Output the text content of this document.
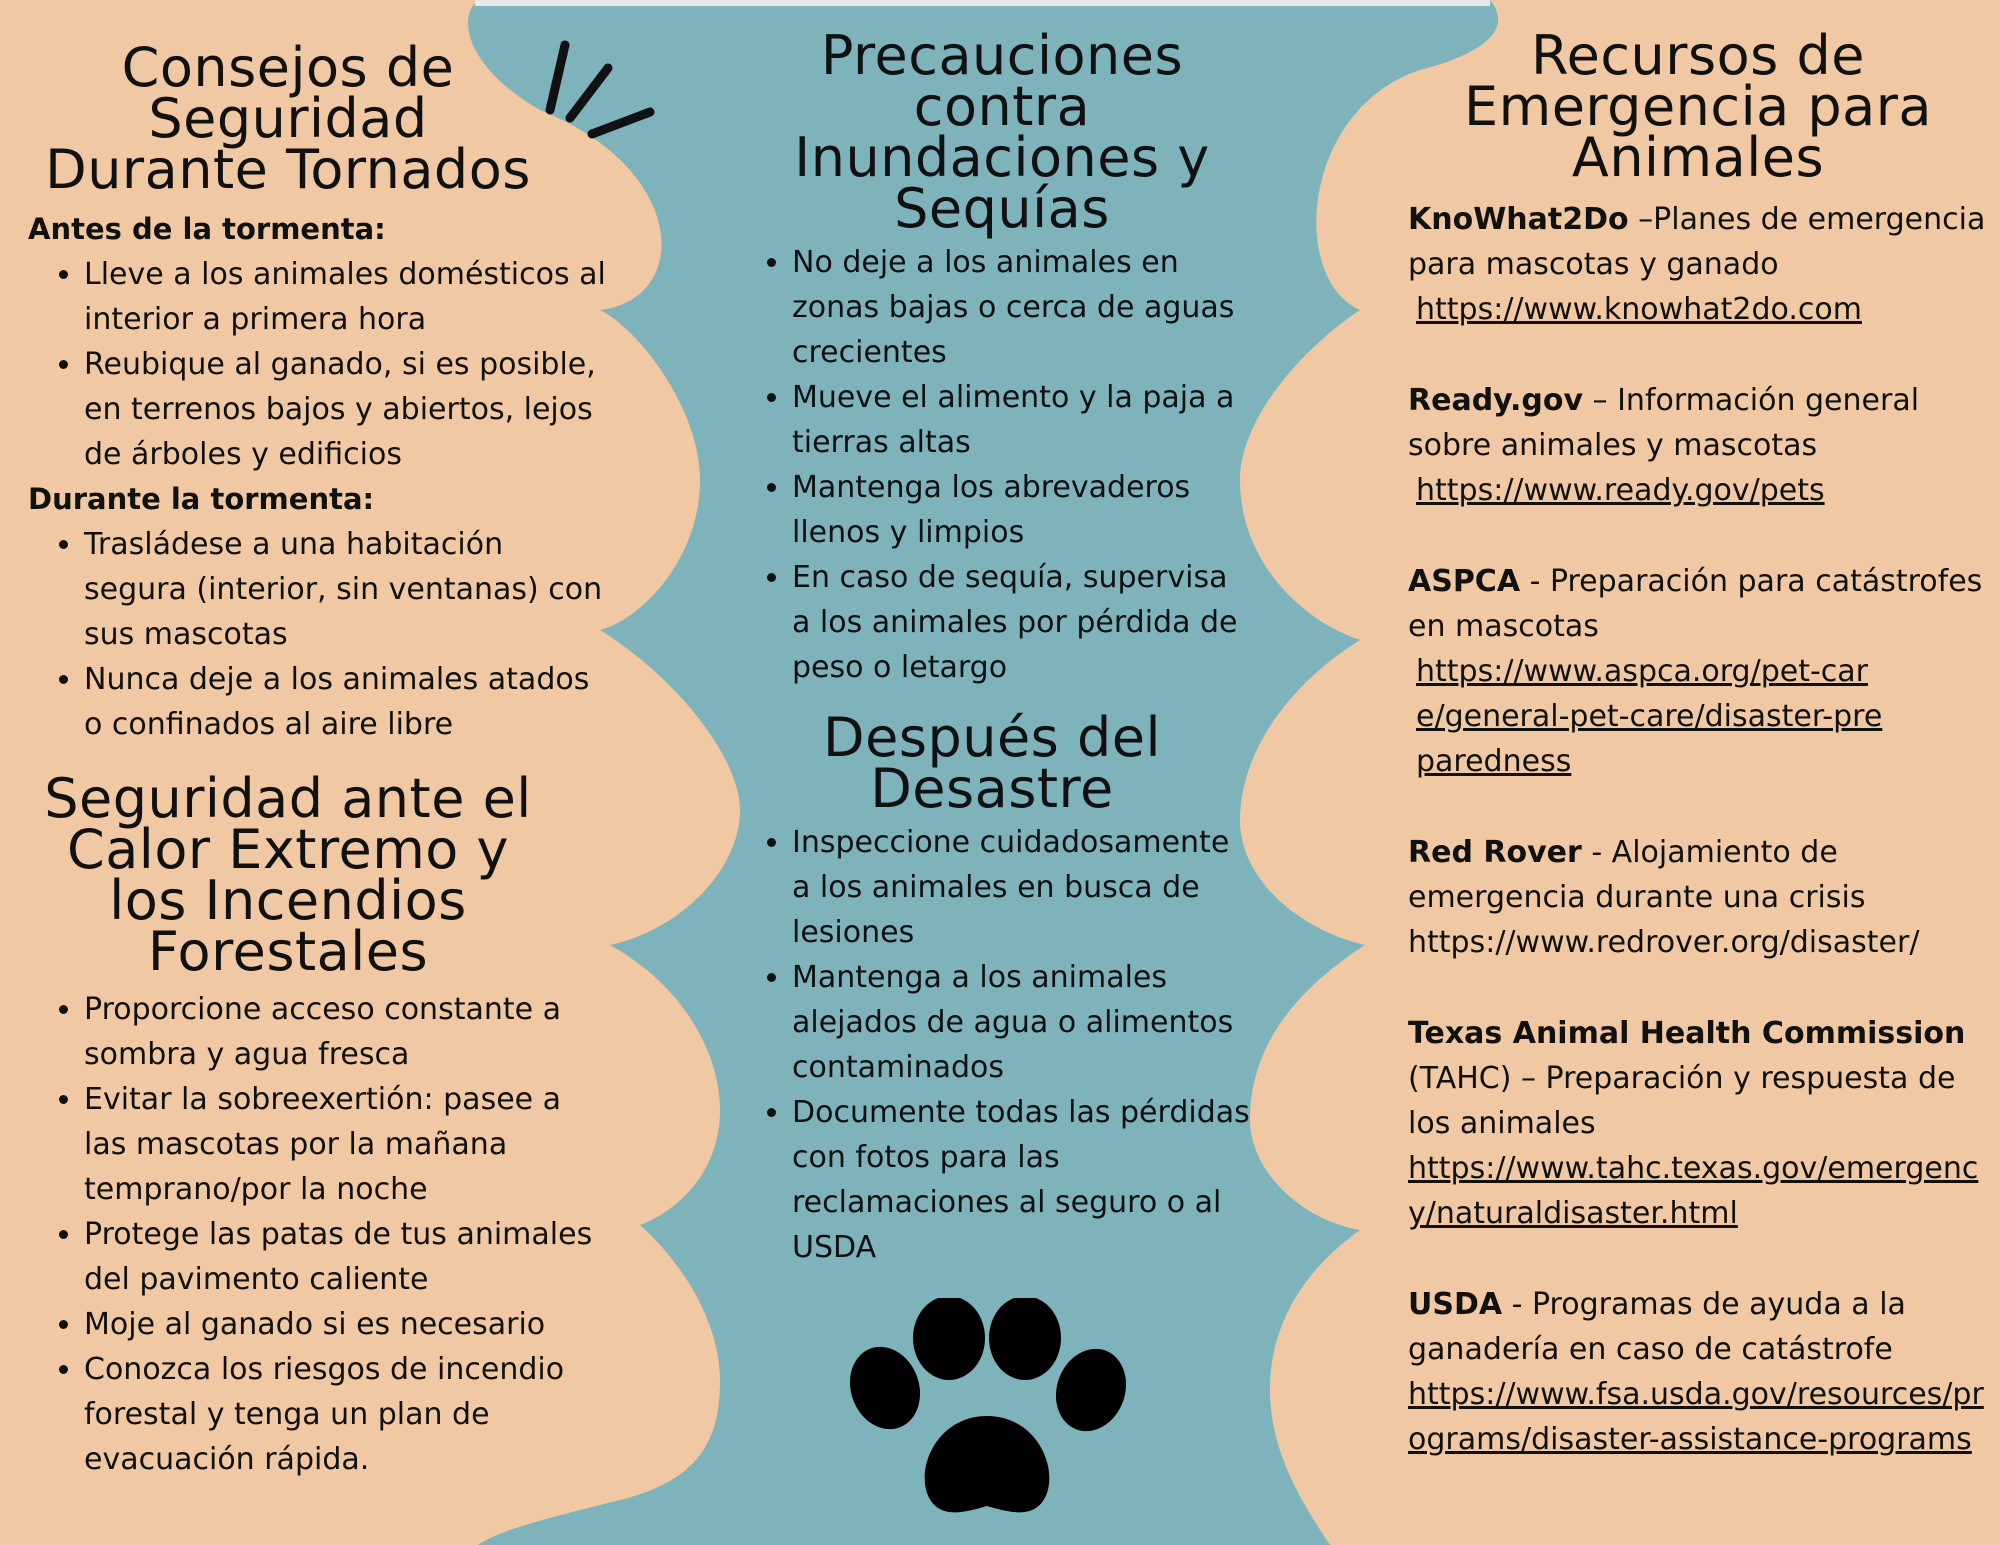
Consejos de Seguridad Durante Tornados

Antes de la tormenta:

• Lleve a los animales domésticos al interior a primera hora
• Reubique al ganado, si es posible, en terrenos bajos y abiertos, lejos de árboles y edificios

Durante la tormenta:

• Trasládese a una habitación segura (interior, sin ventanas) con sus mascotas
• Nunca deje a los animales atados o confinados al aire libre
Seguridad ante el Calor Extremo y los Incendios Forestales
• Proporcione acceso constante a sombra y agua fresca
• Evitar la sobreexertión: pasee a las mascotas por la mañana temprano/por la noche
• Protege las patas de tus animales del pavimento caliente
• Moje al ganado si es necesario
• Conozca los riesgos de incendio forestal y tenga un plan de evacuación rápida.
Precauciones contra Inundaciones y Sequías
• No deje a los animales en zonas bajas o cerca de aguas crecientes
• Mueve el alimento y la paja a tierras altas
• Mantenga los abrevaderos llenos y limpios
• En caso de sequía, supervisa a los animales por pérdida de peso o letargo
Después del Desastre
• Inspeccione cuidadosamente a los animales en busca de lesiones
• Mantenga a los animales alejados de agua o alimentos contaminados
• Documente todas las pérdidas con fotos para las reclamaciones al seguro o al USDA
Recursos de Emergencia para Animales
KnoWhat2Do –Planes de emergencia para mascotas y ganado
https://www.knowhat2do.com
Ready.gov – Información general sobre animales y mascotas
https://www.ready.gov/pets
ASPCA - Preparación para catástrofes en mascotas
https://www.aspca.org/pet-care/general-pet-care/disaster-preparedness
Red Rover - Alojamiento de emergencia durante una crisis
https://www.redrover.org/disaster/
Texas Animal Health Commission (TAHC) – Preparación y respuesta de los animales
https://www.tahc.texas.gov/emergency/naturaldisaster.html
USDA - Programas de ayuda a la ganadería en caso de catástrofe
https://www.fsa.usda.gov/resources/programs/disaster-assistance-programs
